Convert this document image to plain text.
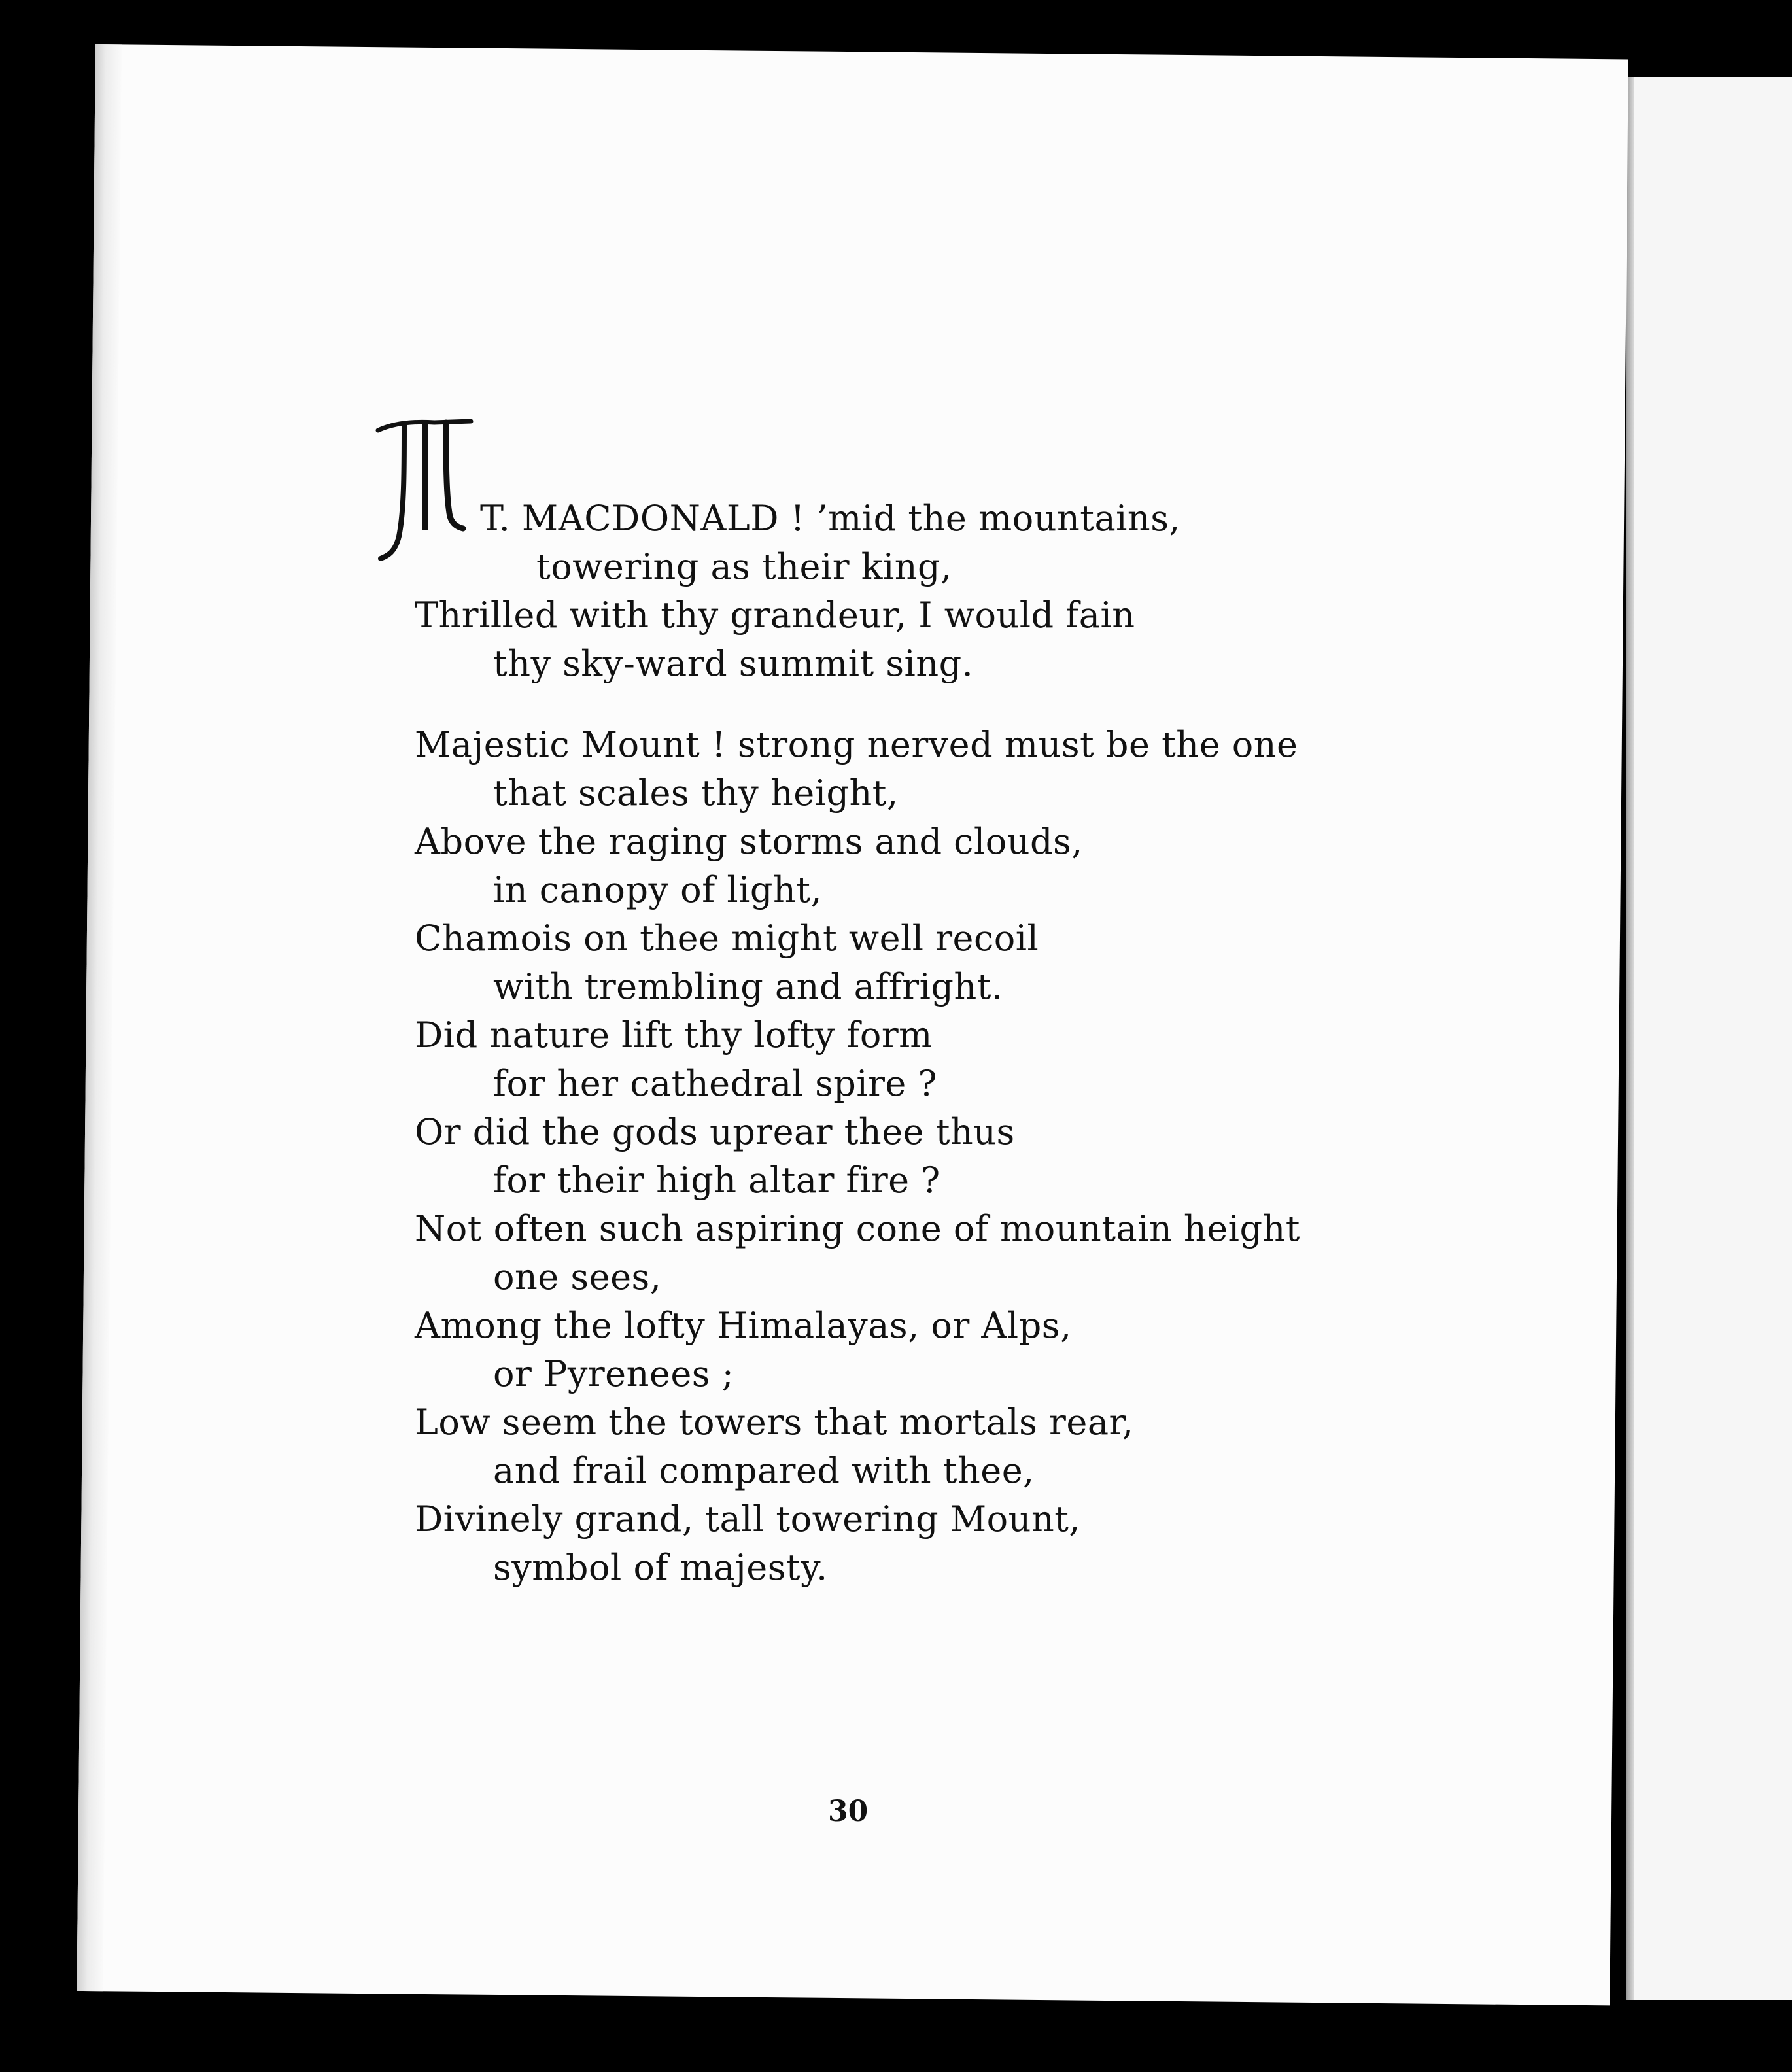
T. MACDONALD ! ’mid the mountains,
towering as their king,
Thrilled with thy grandeur, I would fain
thy sky-ward summit sing.
Majestic Mount ! strong nerved must be the one
that scales thy height,
Above the raging storms and clouds,
in canopy of light,
Chamois on thee might well recoil
with trembling and affright.
Did nature lift thy lofty form
for her cathedral spire ?
Or did the gods uprear thee thus
for their high altar fire ?
Not often such aspiring cone of mountain height
one sees,
Among the lofty Himalayas, or Alps,
or Pyrenees ;
Low seem the towers that mortals rear,
and frail compared with thee,
Divinely grand, tall towering Mount,
symbol of majesty.
30
